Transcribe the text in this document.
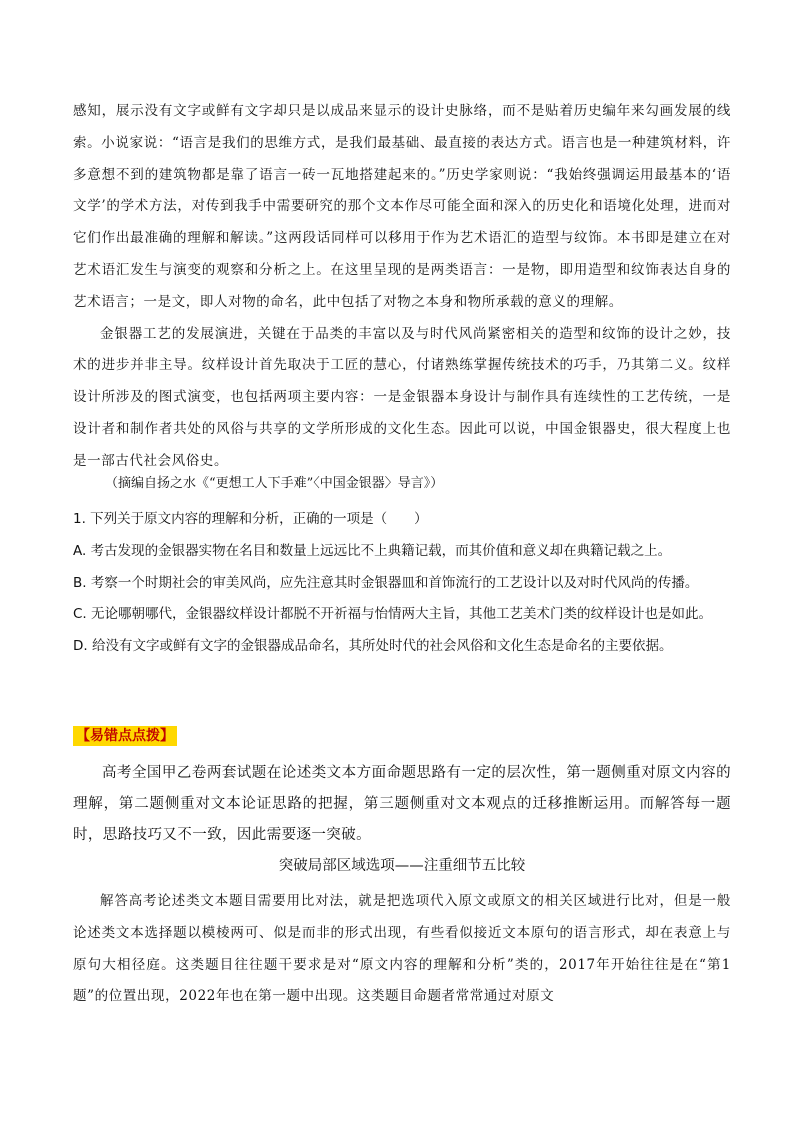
感知，展示没有文字或鲜有文字却只是以成品来显示的设计史脉络，而不是贴着历史编年来勾画发展的线索。小说家说：“语言是我们的思维方式，是我们最基础、最直接的表达方式。语言也是一种建筑材料，许多意想不到的建筑物都是靠了语言一砖一瓦地搭建起来的。”历史学家则说：“我始终强调运用最基本的‘语文学’的学术方法，对传到我手中需要研究的那个文本作尽可能全面和深入的历史化和语境化处理，进而对它们作出最准确的理解和解读。”这两段话同样可以移用于作为艺术语汇的造型与纹饰。本书即是建立在对艺术语汇发生与演变的观察和分析之上。在这里呈现的是两类语言：一是物，即用造型和纹饰表达自身的艺术语言；一是文，即人对物的命名，此中包括了对物之本身和物所承载的意义的理解。

金银器工艺的发展演进，关键在于品类的丰富以及与时代风尚紧密相关的造型和纹饰的设计之妙，技术的进步并非主导。纹样设计首先取决于工匠的慧心，付诸熟练掌握传统技术的巧手，乃其第二义。纹样设计所涉及的图式演变，也包括两项主要内容：一是金银器本身设计与制作具有连续性的工艺传统，一是设计者和制作者共处的风俗与共享的文学所形成的文化生态。因此可以说，中国金银器史，很大程度上也是一部古代社会风俗史。

（摘编自扬之水《“更想工人下手难”〈中国金银器〉导言》）

1. 下列关于原文内容的理解和分析，正确的一项是（　　）

A. 考古发现的金银器实物在名目和数量上远远比不上典籍记载，而其价值和意义却在典籍记载之上。

B. 考察一个时期社会的审美风尚，应先注意其时金银器皿和首饰流行的工艺设计以及对时代风尚的传播。

C. 无论哪朝哪代，金银器纹样设计都脱不开祈福与怡情两大主旨，其他工艺美术门类的纹样设计也是如此。

D. 给没有文字或鲜有文字的金银器成品命名，其所处时代的社会风俗和文化生态是命名的主要依据。

【易错点点拨】

高考全国甲乙卷两套试题在论述类文本方面命题思路有一定的层次性，第一题侧重对原文内容的理解，第二题侧重对文本论证思路的把握，第三题侧重对文本观点的迁移推断运用。而解答每一题时，思路技巧又不一致，因此需要逐一突破。

突破局部区域选项——注重细节五比较

解答高考论述类文本题目需要用比对法，就是把选项代入原文或原文的相关区域进行比对，但是一般论述类文本选择题以模棱两可、似是而非的形式出现，有些看似接近文本原句的语言形式，却在表意上与原句大相径庭。这类题目往往题干要求是对“原文内容的理解和分析”类的，2017年开始往往是在“第1题”的位置出现，2022年也在第一题中出现。这类题目命题者常常通过对原文
